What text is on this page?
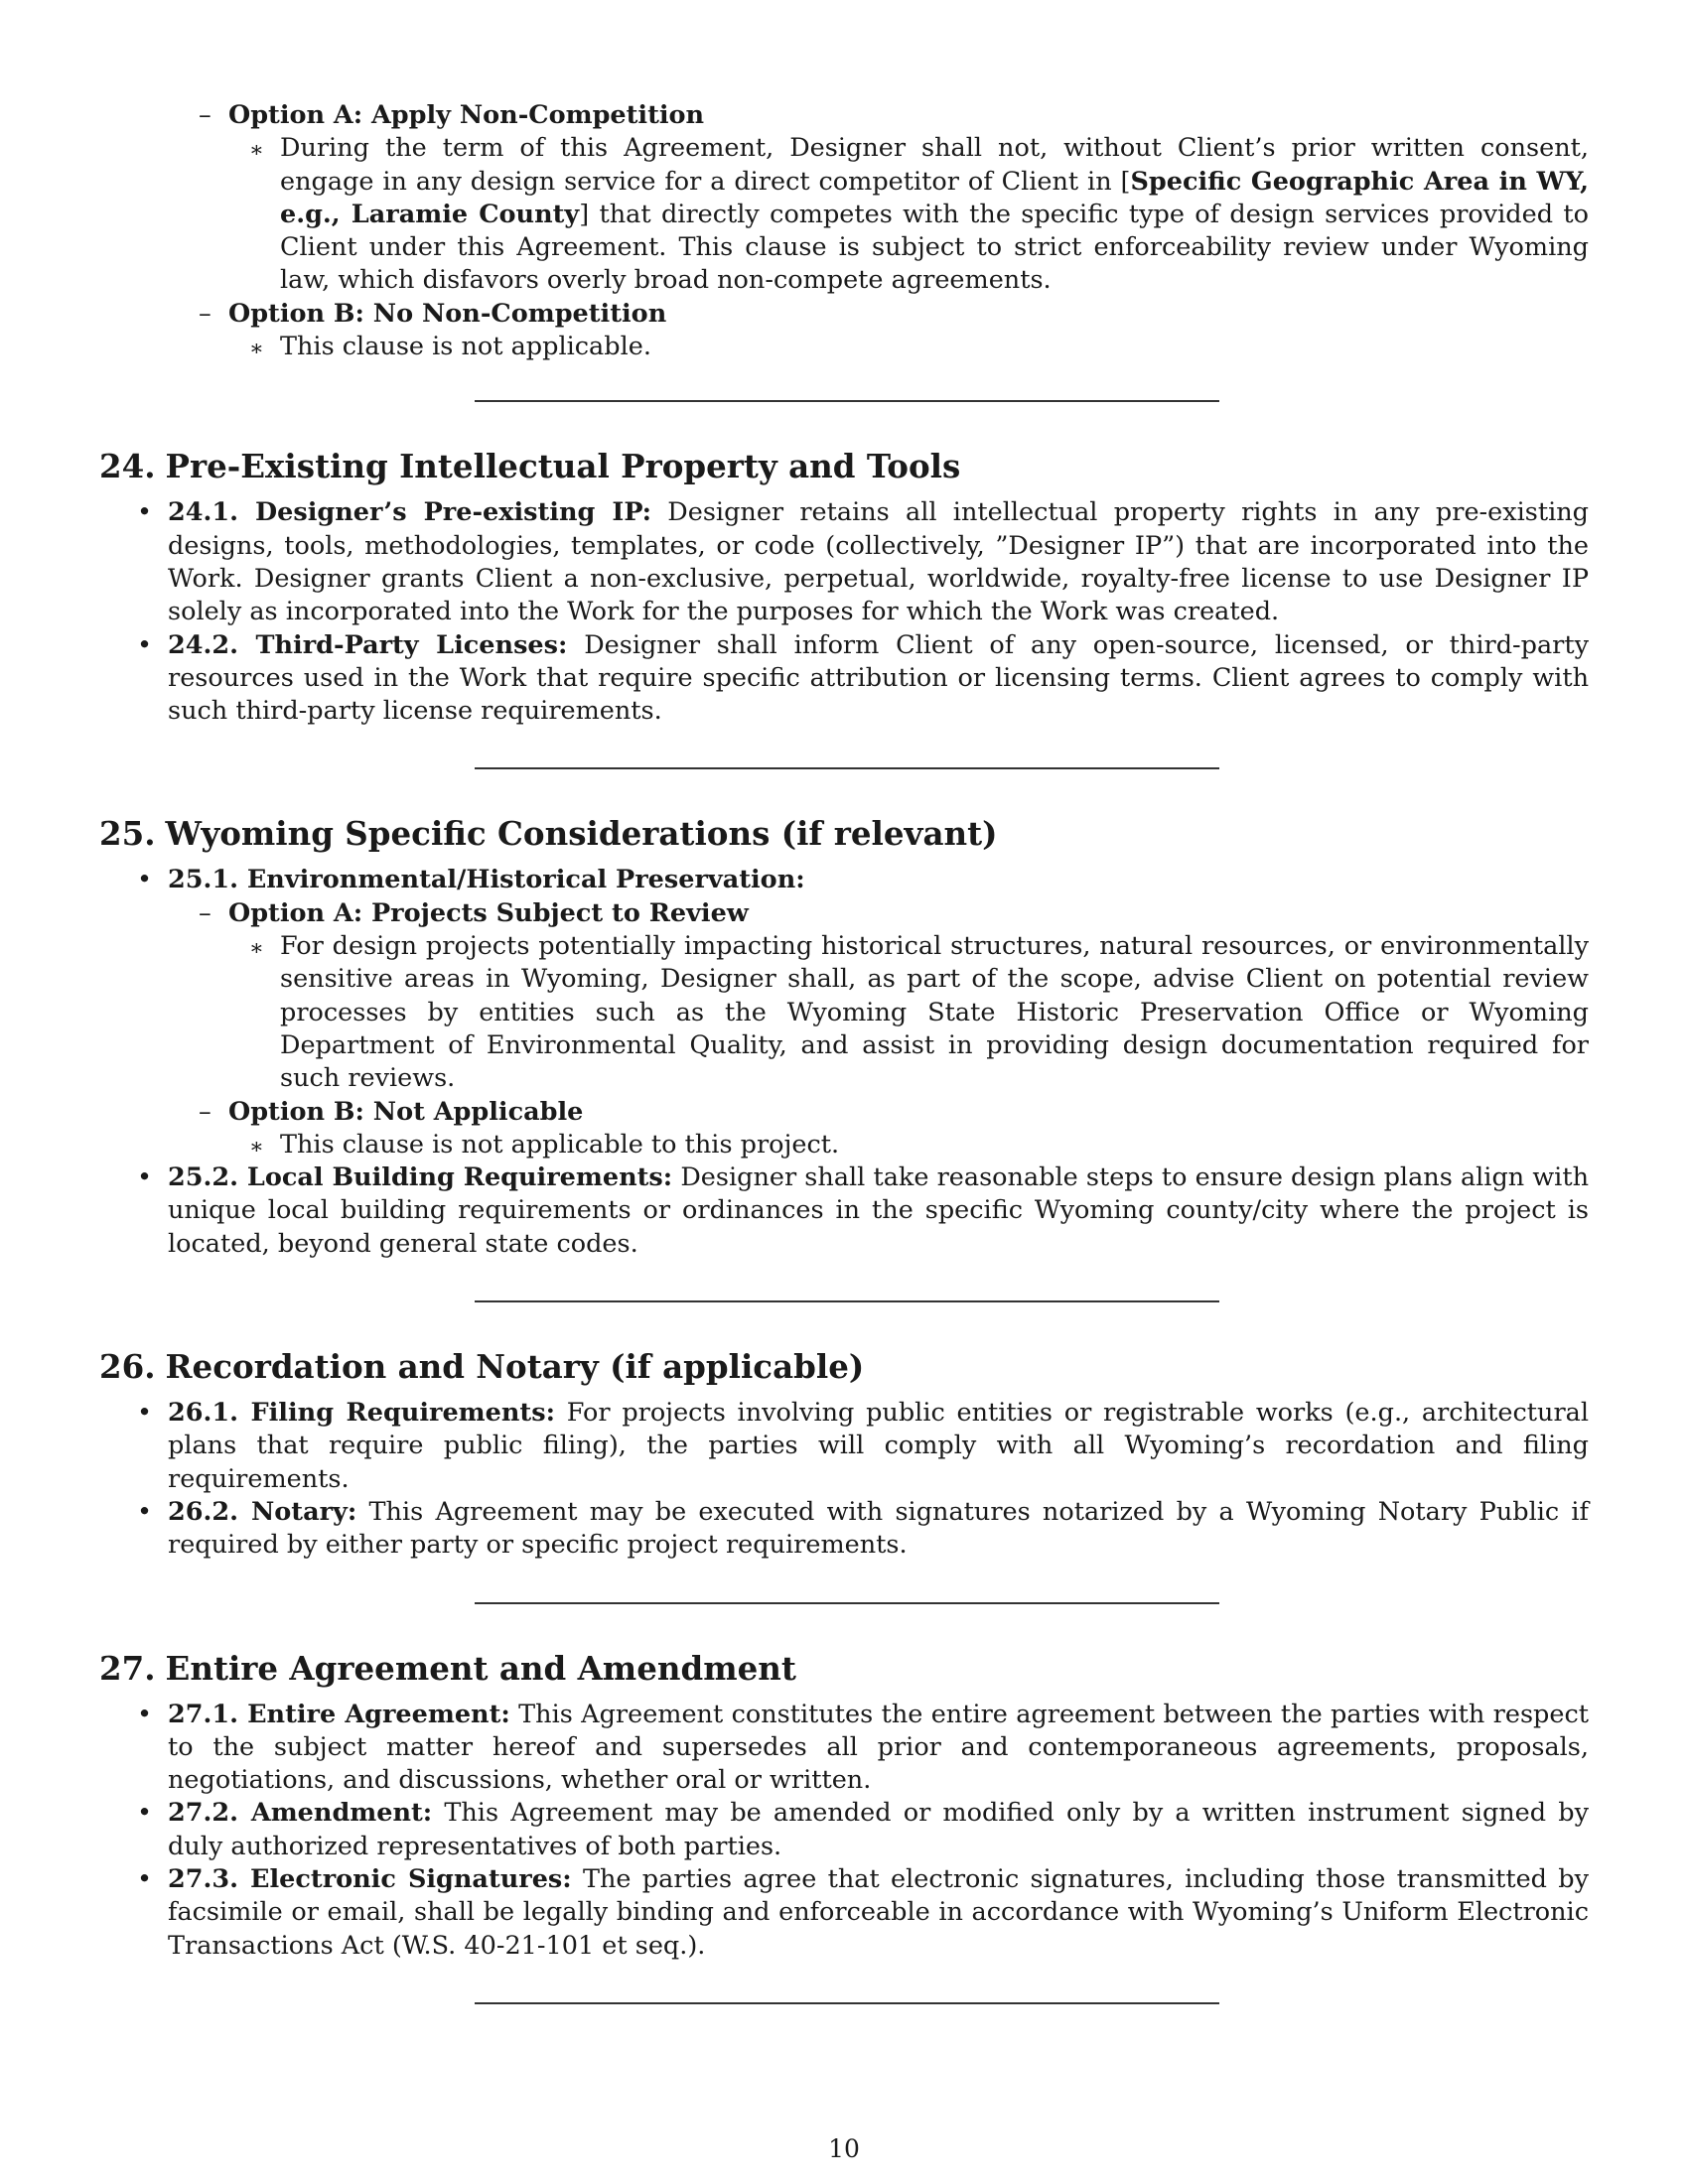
– Option A: Apply Non-Competition
∗ During the term of this Agreement, Designer shall not, without Client’s prior written consent, engage in any design service for a direct competitor of Client in [Specific Geographic Area in WY, e.g., Laramie County] that directly competes with the specific type of design services provided to Client under this Agreement. This clause is subject to strict enforceability review under Wyoming law, which disfavors overly broad non-compete agreements.
– Option B: No Non-Competition
∗ This clause is not applicable.
24. Pre-Existing Intellectual Property and Tools
• 24.1. Designer’s Pre-existing IP: Designer retains all intellectual property rights in any pre-existing designs, tools, methodologies, templates, or code (collectively, ”Designer IP”) that are incorporated into the Work. Designer grants Client a non-exclusive, perpetual, worldwide, royalty-free license to use Designer IP solely as incorporated into the Work for the purposes for which the Work was created.
• 24.2. Third-Party Licenses: Designer shall inform Client of any open-source, licensed, or third-party resources used in the Work that require specific attribution or licensing terms. Client agrees to comply with such third-party license requirements.
25. Wyoming Specific Considerations (if relevant)
• 25.1. Environmental/Historical Preservation:
– Option A: Projects Subject to Review
∗ For design projects potentially impacting historical structures, natural resources, or environmentally sensitive areas in Wyoming, Designer shall, as part of the scope, advise Client on potential review processes by entities such as the Wyoming State Historic Preservation Office or Wyoming Department of Environmental Quality, and assist in providing design documentation required for such reviews.
– Option B: Not Applicable
∗ This clause is not applicable to this project.
• 25.2. Local Building Requirements: Designer shall take reasonable steps to ensure design plans align with unique local building requirements or ordinances in the specific Wyoming county/city where the project is located, beyond general state codes.
26. Recordation and Notary (if applicable)
• 26.1. Filing Requirements: For projects involving public entities or registrable works (e.g., architectural plans that require public filing), the parties will comply with all Wyoming’s recordation and filing requirements.
• 26.2. Notary: This Agreement may be executed with signatures notarized by a Wyoming Notary Public if required by either party or specific project requirements.
27. Entire Agreement and Amendment
• 27.1. Entire Agreement: This Agreement constitutes the entire agreement between the parties with respect to the subject matter hereof and supersedes all prior and contemporaneous agreements, proposals, negotiations, and discussions, whether oral or written.
• 27.2. Amendment: This Agreement may be amended or modified only by a written instrument signed by duly authorized representatives of both parties.
• 27.3. Electronic Signatures: The parties agree that electronic signatures, including those transmitted by facsimile or email, shall be legally binding and enforceable in accordance with Wyoming’s Uniform Electronic Transactions Act (W.S. 40-21-101 et seq.).
10
